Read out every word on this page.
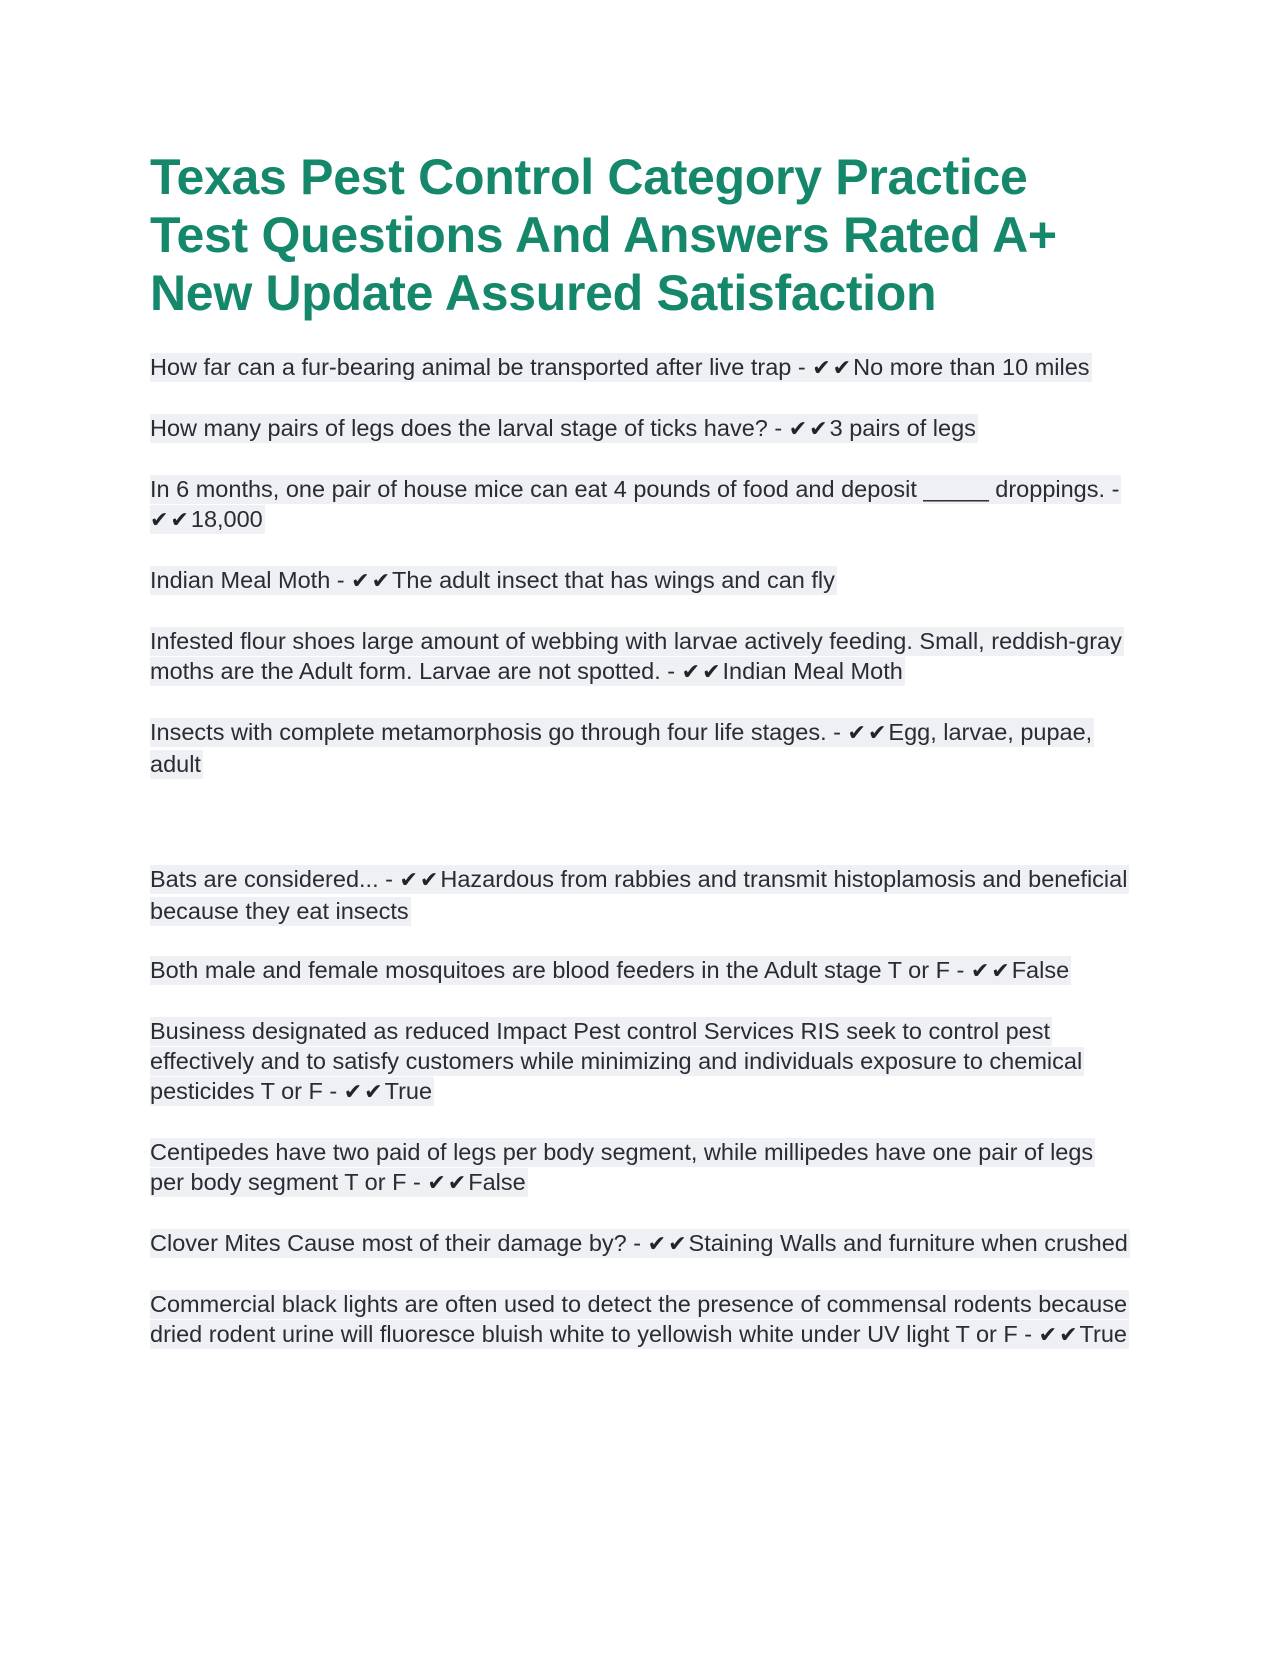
Texas Pest Control Category Practice Test Questions And Answers Rated A+ New Update Assured Satisfaction

How far can a fur-bearing animal be transported after live trap - ✔✔No more than 10 miles

How many pairs of legs does the larval stage of ticks have? - ✔✔3 pairs of legs

In 6 months, one pair of house mice can eat 4 pounds of food and deposit _____ droppings. - ✔✔18,000

Indian Meal Moth - ✔✔The adult insect that has wings and can fly

Infested flour shoes large amount of webbing with larvae actively feeding. Small, reddish-gray moths are the Adult form. Larvae are not spotted. - ✔✔Indian Meal Moth

Insects with complete metamorphosis go through four life stages. - ✔✔Egg, larvae, pupae, adult

Bats are considered... - ✔✔Hazardous from rabbies and transmit histoplamosis and beneficial because they eat insects

Both male and female mosquitoes are blood feeders in the Adult stage T or F - ✔✔False

Business designated as reduced Impact Pest control Services RIS seek to control pest effectively and to satisfy customers while minimizing and individuals exposure to chemical pesticides T or F - ✔✔True

Centipedes have two paid of legs per body segment, while millipedes have one pair of legs per body segment T or F - ✔✔False

Clover Mites Cause most of their damage by? - ✔✔Staining Walls and furniture when crushed

Commercial black lights are often used to detect the presence of commensal rodents because dried rodent urine will fluoresce bluish white to yellowish white under UV light T or F - ✔✔True
